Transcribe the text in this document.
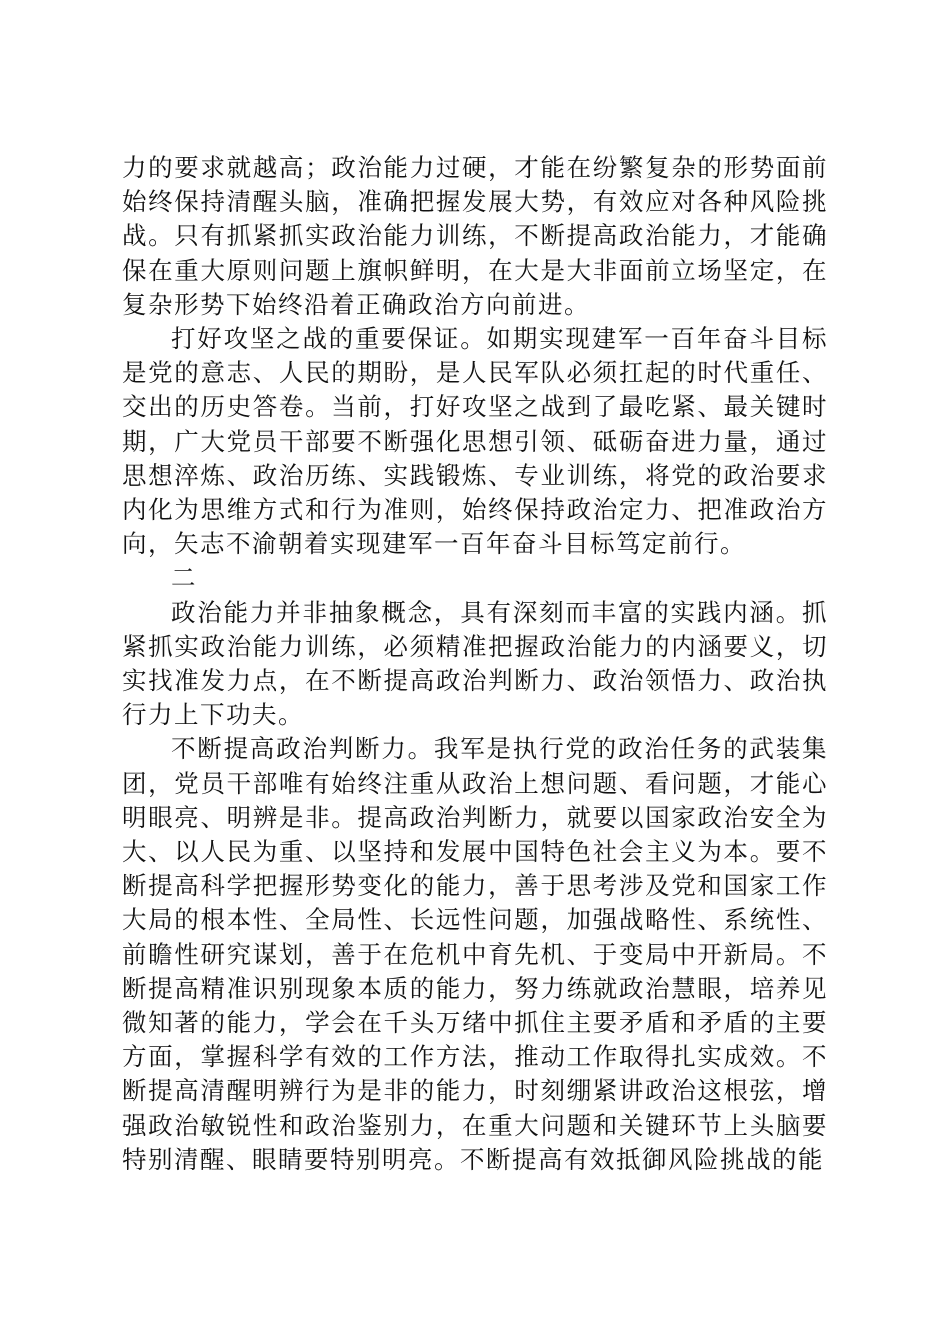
力的要求就越高；政治能力过硬，才能在纷繁复杂的形势面前始终保持清醒头脑，准确把握发展大势，有效应对各种风险挑战。只有抓紧抓实政治能力训练，不断提高政治能力，才能确保在重大原则问题上旗帜鲜明，在大是大非面前立场坚定，在复杂形势下始终沿着正确政治方向前进。

打好攻坚之战的重要保证。如期实现建军一百年奋斗目标是党的意志、人民的期盼，是人民军队必须扛起的时代重任、交出的历史答卷。当前，打好攻坚之战到了最吃紧、最关键时期，广大党员干部要不断强化思想引领、砥砺奋进力量，通过思想淬炼、政治历练、实践锻炼、专业训练，将党的政治要求内化为思维方式和行为准则，始终保持政治定力、把准政治方向，矢志不渝朝着实现建军一百年奋斗目标笃定前行。

二

政治能力并非抽象概念，具有深刻而丰富的实践内涵。抓紧抓实政治能力训练，必须精准把握政治能力的内涵要义，切实找准发力点，在不断提高政治判断力、政治领悟力、政治执行力上下功夫。

不断提高政治判断力。我军是执行党的政治任务的武装集团，党员干部唯有始终注重从政治上想问题、看问题，才能心明眼亮、明辨是非。提高政治判断力，就要以国家政治安全为大、以人民为重、以坚持和发展中国特色社会主义为本。要不断提高科学把握形势变化的能力，善于思考涉及党和国家工作大局的根本性、全局性、长远性问题，加强战略性、系统性、前瞻性研究谋划，善于在危机中育先机、于变局中开新局。不断提高精准识别现象本质的能力，努力练就政治慧眼，培养见微知著的能力，学会在千头万绪中抓住主要矛盾和矛盾的主要方面，掌握科学有效的工作方法，推动工作取得扎实成效。不断提高清醒明辨行为是非的能力，时刻绷紧讲政治这根弦，增强政治敏锐性和政治鉴别力，在重大问题和关键环节上头脑要特别清醒、眼睛要特别明亮。不断提高有效抵御风险挑战的能
